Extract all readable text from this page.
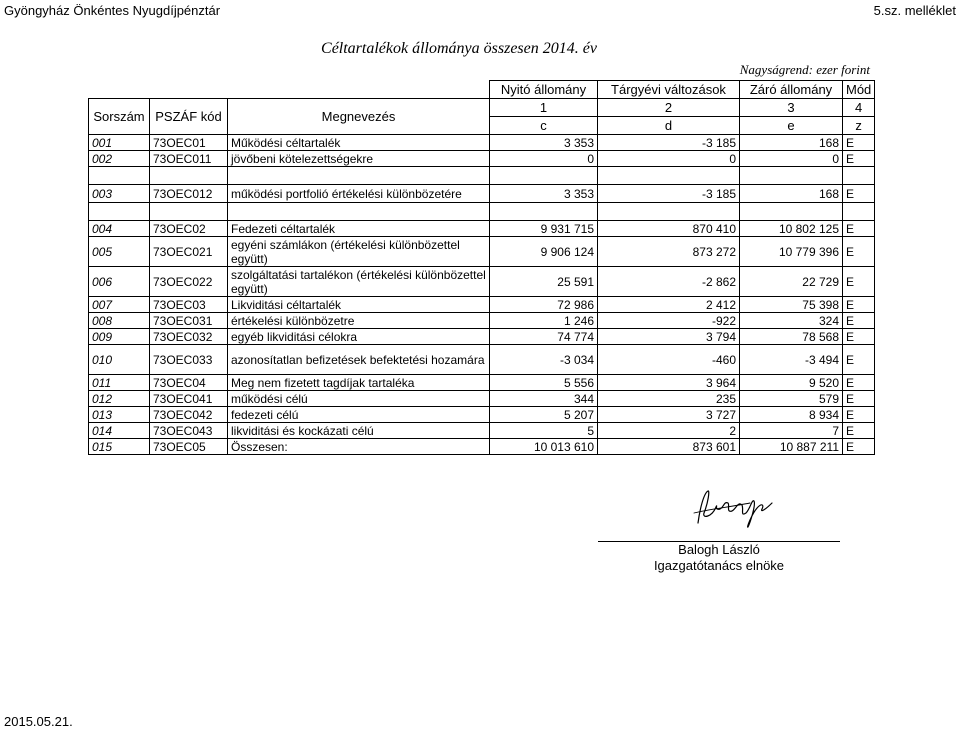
Gyöngyház Önkéntes Nyugdíjpénztár	5.sz. melléklet
Céltartalékok állománya összesen 2014. év
Nagyságrend: ezer forint
			Nyitó állomány	Tárgyévi változások	Záró állomány	Mód
Sorszám	PSZÁF kód	Megnevezés	1	2	3	4
			c	d	e	z
001	73OEC01	Működési céltartalék	3 353	-3 185	168	E
002	73OEC011	jövőbeni kötelezettségekre	0	0	0	E

003	73OEC012	működési portfolió értékelési különbözetére	3 353	-3 185	168	E

004	73OEC02	Fedezeti céltartalék	9 931 715	870 410	10 802 125	E
005	73OEC021	egyéni számlákon (értékelési különbözettel együtt)	9 906 124	873 272	10 779 396	E
006	73OEC022	szolgáltatási tartalékon (értékelési különbözettel együtt)	25 591	-2 862	22 729	E
007	73OEC03	Likviditási céltartalék	72 986	2 412	75 398	E
008	73OEC031	értékelési különbözetre	1 246	-922	324	E
009	73OEC032	egyéb likviditási célokra	74 774	3 794	78 568	E
010	73OEC033	azonosítatlan befizetések befektetési hozamára	-3 034	-460	-3 494	E
011	73OEC04	Meg nem fizetett tagdíjak tartaléka	5 556	3 964	9 520	E
012	73OEC041	működési célú	344	235	579	E
013	73OEC042	fedezeti célú	5 207	3 727	8 934	E
014	73OEC043	likviditási és kockázati célú	5	2	7	E
015	73OEC05	Összesen:	10 013 610	873 601	10 887 211	E
Balogh László
Igazgatótanács elnöke
2015.05.21.
